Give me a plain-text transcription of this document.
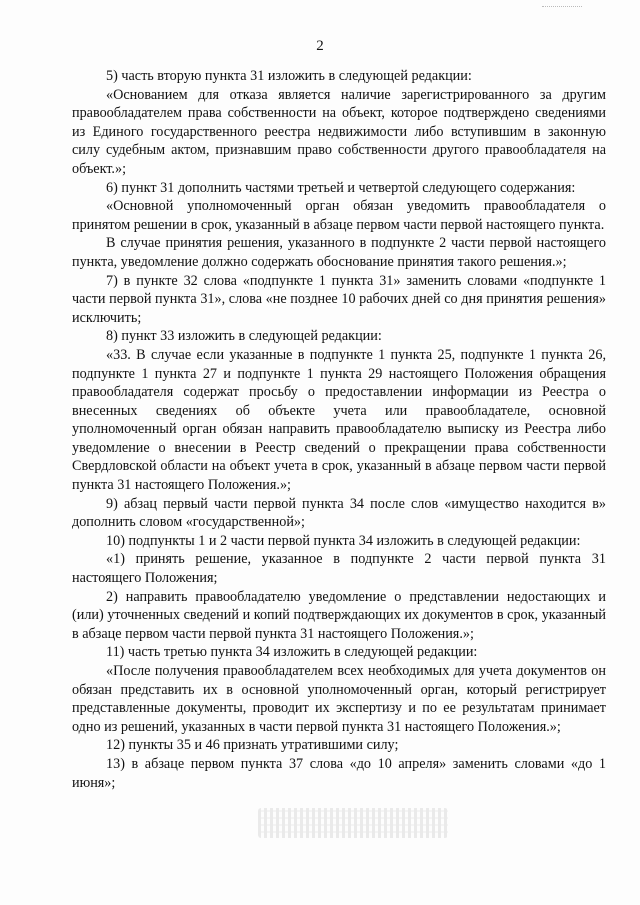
2

5) часть вторую пункта 31 изложить в следующей редакции:

«Основанием для отказа является наличие зарегистрированного за другим правообладателем права собственности на объект, которое подтверждено сведениями из Единого государственного реестра недвижимости либо вступившим в законную силу судебным актом, признавшим право собственности другого правообладателя на объект.»;

6) пункт 31 дополнить частями третьей и четвертой следующего содержания:

«Основной уполномоченный орган обязан уведомить правообладателя о принятом решении в срок, указанный в абзаце первом части первой настоящего пункта.

В случае принятия решения, указанного в подпункте 2 части первой настоящего пункта, уведомление должно содержать обоснование принятия такого решения.»;

7) в пункте 32 слова «подпункте 1 пункта 31» заменить словами «подпункте 1 части первой пункта 31», слова «не позднее 10 рабочих дней со дня принятия решения» исключить;

8) пункт 33 изложить в следующей редакции:

«33. В случае если указанные в подпункте 1 пункта 25, подпункте 1 пункта 26, подпункте 1 пункта 27 и подпункте 1 пункта 29 настоящего Положения обращения правообладателя содержат просьбу о предоставлении информации из Реестра о внесенных сведениях об объекте учета или правообладателе, основной уполномоченный орган обязан направить правообладателю выписку из Реестра либо уведомление о внесении в Реестр сведений о прекращении права собственности Свердловской области на объект учета в срок, указанный в абзаце первом части первой пункта 31 настоящего Положения.»;

9) абзац первый части первой пункта 34 после слов «имущество находится в» дополнить словом «государственной»;

10) подпункты 1 и 2 части первой пункта 34 изложить в следующей редакции:

«1) принять решение, указанное в подпункте 2 части первой пункта 31 настоящего Положения;

2) направить правообладателю уведомление о представлении недостающих и (или) уточненных сведений и копий подтверждающих их документов в срок, указанный в абзаце первом части первой пункта 31 настоящего Положения.»;

11) часть третью пункта 34 изложить в следующей редакции:

«После получения правообладателем всех необходимых для учета документов он обязан представить их в основной уполномоченный орган, который регистрирует представленные документы, проводит их экспертизу и по ее результатам принимает одно из решений, указанных в части первой пункта 31 настоящего Положения.»;

12) пункты 35 и 46 признать утратившими силу;

13) в абзаце первом пункта 37 слова «до 10 апреля» заменить словами «до 1 июня»;
